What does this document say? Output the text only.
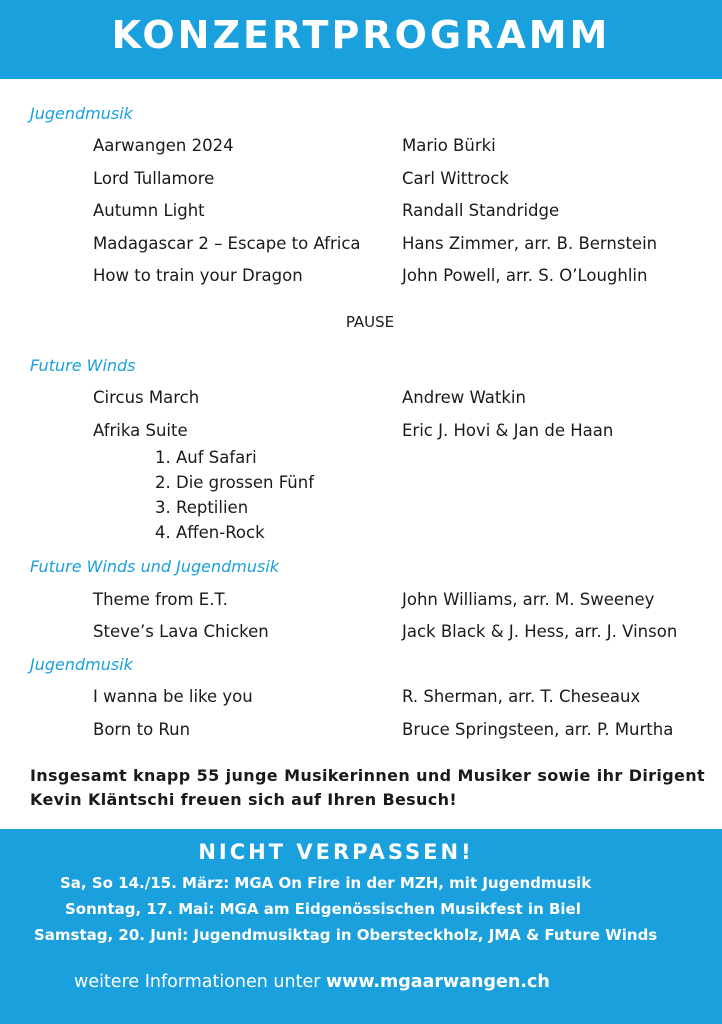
KONZERTPROGRAMM
Jugendmusik
Aarwangen 2024	Mario Bürki
Lord Tullamore	Carl Wittrock
Autumn Light	Randall Standridge
Madagascar 2 – Escape to Africa	Hans Zimmer, arr. B. Bernstein
How to train your Dragon	John Powell, arr. S. O’Loughlin
PAUSE
Future Winds
Circus March	Andrew Watkin
Afrika Suite	Eric J. Hovi & Jan de Haan
1. Auf Safari
2. Die grossen Fünf
3. Reptilien
4. Affen-Rock
Future Winds und Jugendmusik
Theme from E.T.	John Williams, arr. M. Sweeney
Steve’s Lava Chicken	Jack Black & J. Hess, arr. J. Vinson
Jugendmusik
I wanna be like you	R. Sherman, arr. T. Cheseaux
Born to Run	Bruce Springsteen, arr. P. Murtha
Insgesamt knapp 55 junge Musikerinnen und Musiker sowie ihr Dirigent Kevin Kläntschi freuen sich auf Ihren Besuch!
NICHT VERPASSEN!
Sa, So 14./15. März: MGA On Fire in der MZH, mit Jugendmusik
Sonntag, 17. Mai: MGA am Eidgenössischen Musikfest in Biel
Samstag, 20. Juni: Jugendmusiktag in Obersteckholz, JMA & Future Winds
weitere Informationen unter www.mgaarwangen.ch
